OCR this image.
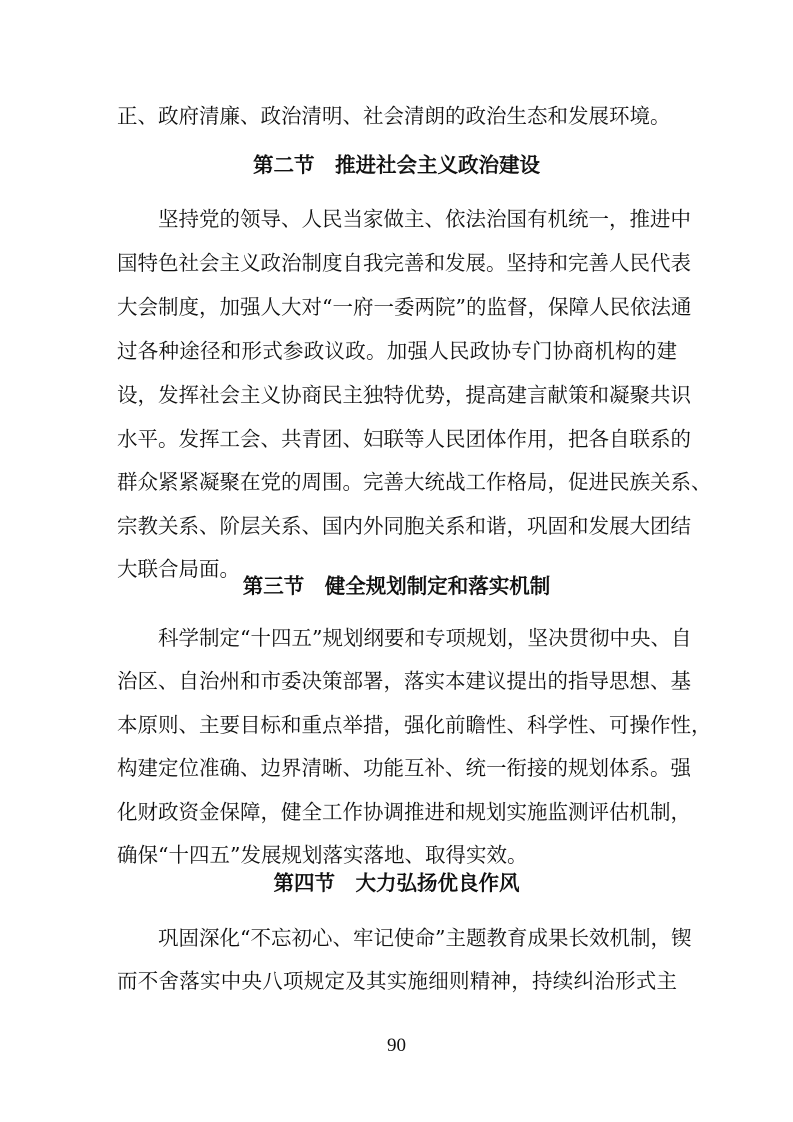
正、政府清廉、政治清明、社会清朗的政治生态和发展环境。
第二节　推进社会主义政治建设
　　坚持党的领导、人民当家做主、依法治国有机统一，推进中
国特色社会主义政治制度自我完善和发展。坚持和完善人民代表
大会制度，加强人大对“一府一委两院”的监督，保障人民依法通
过各种途径和形式参政议政。加强人民政协专门协商机构的建
设，发挥社会主义协商民主独特优势，提高建言献策和凝聚共识
水平。发挥工会、共青团、妇联等人民团体作用，把各自联系的
群众紧紧凝聚在党的周围。完善大统战工作格局，促进民族关系、
宗教关系、阶层关系、国内外同胞关系和谐，巩固和发展大团结
大联合局面。
第三节　健全规划制定和落实机制
　　科学制定“十四五”规划纲要和专项规划，坚决贯彻中央、自
治区、自治州和市委决策部署，落实本建议提出的指导思想、基
本原则、主要目标和重点举措，强化前瞻性、科学性、可操作性，
构建定位准确、边界清晰、功能互补、统一衔接的规划体系。强
化财政资金保障，健全工作协调推进和规划实施监测评估机制，
确保“十四五”发展规划落实落地、取得实效。
第四节　大力弘扬优良作风
　　巩固深化“不忘初心、牢记使命”主题教育成果长效机制，锲
而不舍落实中央八项规定及其实施细则精神，持续纠治形式主
90
